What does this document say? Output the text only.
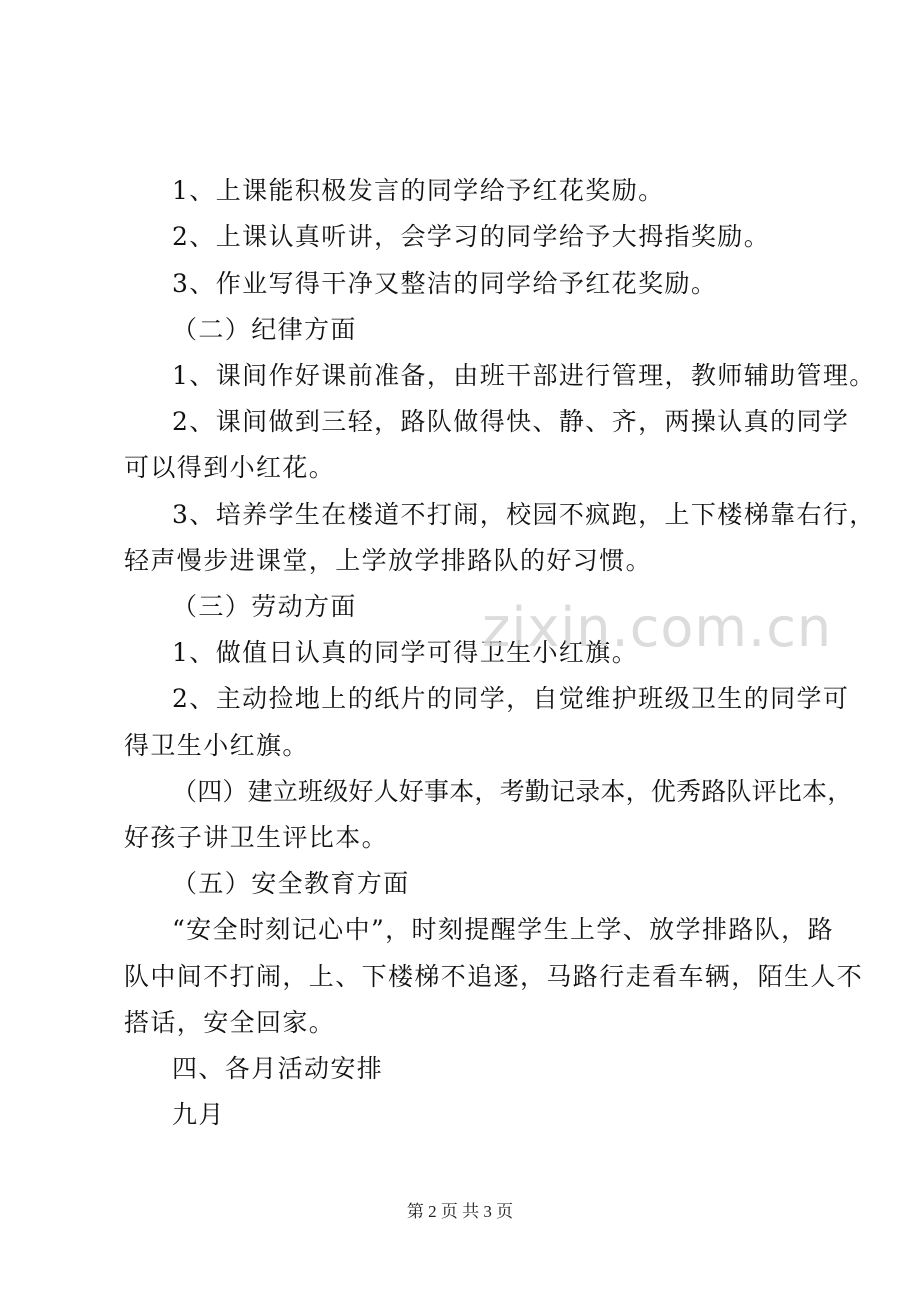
1、上课能积极发言的同学给予红花奖励。
2、上课认真听讲，会学习的同学给予大拇指奖励。
3、作业写得干净又整洁的同学给予红花奖励。
（二）纪律方面
1、课间作好课前准备，由班干部进行管理，教师辅助管理。
2、课间做到三轻，路队做得快、静、齐，两操认真的同学
可以得到小红花。
3、培养学生在楼道不打闹，校园不疯跑，上下楼梯靠右行，
轻声慢步进课堂，上学放学排路队的好习惯。
（三）劳动方面
1、做值日认真的同学可得卫生小红旗。
2、主动捡地上的纸片的同学，自觉维护班级卫生的同学可
得卫生小红旗。
（四）建立班级好人好事本，考勤记录本，优秀路队评比本，
好孩子讲卫生评比本。
（五）安全教育方面
“安全时刻记心中”，时刻提醒学生上学、放学排路队，路
队中间不打闹，上、下楼梯不追逐，马路行走看车辆，陌生人不
搭话，安全回家。
四、各月活动安排
九月
zixin.com.cn
第 2 页 共 3 页
